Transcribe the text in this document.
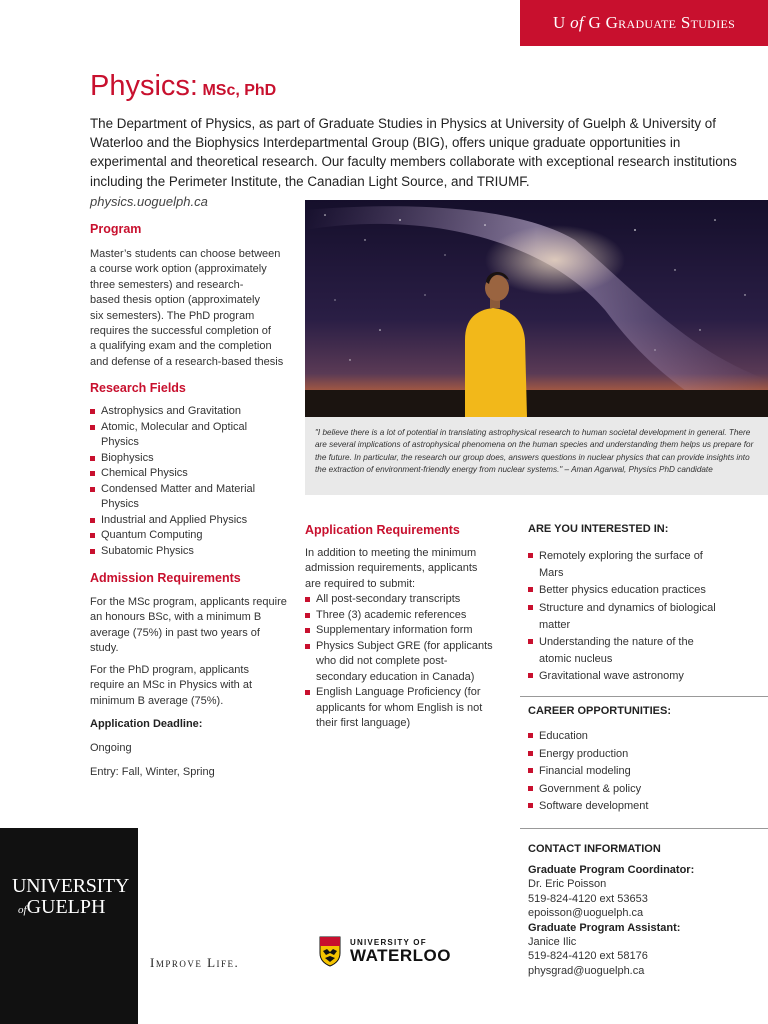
U
of
G
Graduate Studies
Physics: MSc, PhD

The Department of Physics, as part of Graduate Studies in Physics at University of Guelph & University of Waterloo and the Biophysics Interdepartmental Group (BIG), offers unique graduate opportunities in experimental and theoretical research. Our faculty members collaborate with exceptional research institutions including the Perimeter Institute, the Canadian Light Source, and TRIUMF.

physics.uoguelph.ca
Program
Master’s students can choose between
a course work option (approximately
three semesters) and research-
based thesis option (approximately
six semesters). The PhD program
requires the successful completion of
a qualifying exam and the completion
and defense of a research-based thesis
Research Fields
Astrophysics and Gravitation
Atomic, Molecular and Optical Physics
Biophysics
Chemical Physics
Condensed Matter and Material Physics
Industrial and Applied Physics
Quantum Computing
Subatomic Physics
Admission Requirements

For the MSc program, applicants require an honours BSc, with a minimum B average (75%) in past two years of study.

For the PhD program, applicants require an MSc in Physics with at minimum B average (75%).

Application Deadline:
Ongoing
Entry: Fall, Winter, Spring
"I believe there is a lot of potential in translating astrophysical research to human societal development in general. There are several implications of astrophysical phenomena on the human species and understanding them helps us prepare for the future. In particular, the research our group does, answers questions in nuclear physics that can provide insights into the extraction of environment-friendly energy from nuclear systems." – Aman Agarwal, Physics PhD candidate
Application Requirements

In addition to meeting the minimum admission requirements, applicants are required to submit:

All post-secondary transcripts
Three (3) academic references
Supplementary information form
Physics Subject GRE (for applicants who did not complete post-secondary education in Canada)
English Language Proficiency (for applicants for whom English is not their first language)
ARE YOU INTERESTED IN:
Remotely exploring the surface of Mars
Better physics education practices
Structure and dynamics of biological matter
Understanding the nature of the atomic nucleus
Gravitational wave astronomy
CAREER OPPORTUNITIES:
Education
Energy production
Financial modeling
Government & policy
Software development
CONTACT INFORMATION
Graduate Program Coordinator:
Dr. Eric Poisson
519-824-4120 ext 53653
epoisson@uoguelph.ca
Graduate Program Assistant:
Janice Ilic
519-824-4120 ext 58176
physgrad@uoguelph.ca
UNIVERSITY
ofGUELPH
Improve Life.
UNIVERSITY OF
WATERLOO
